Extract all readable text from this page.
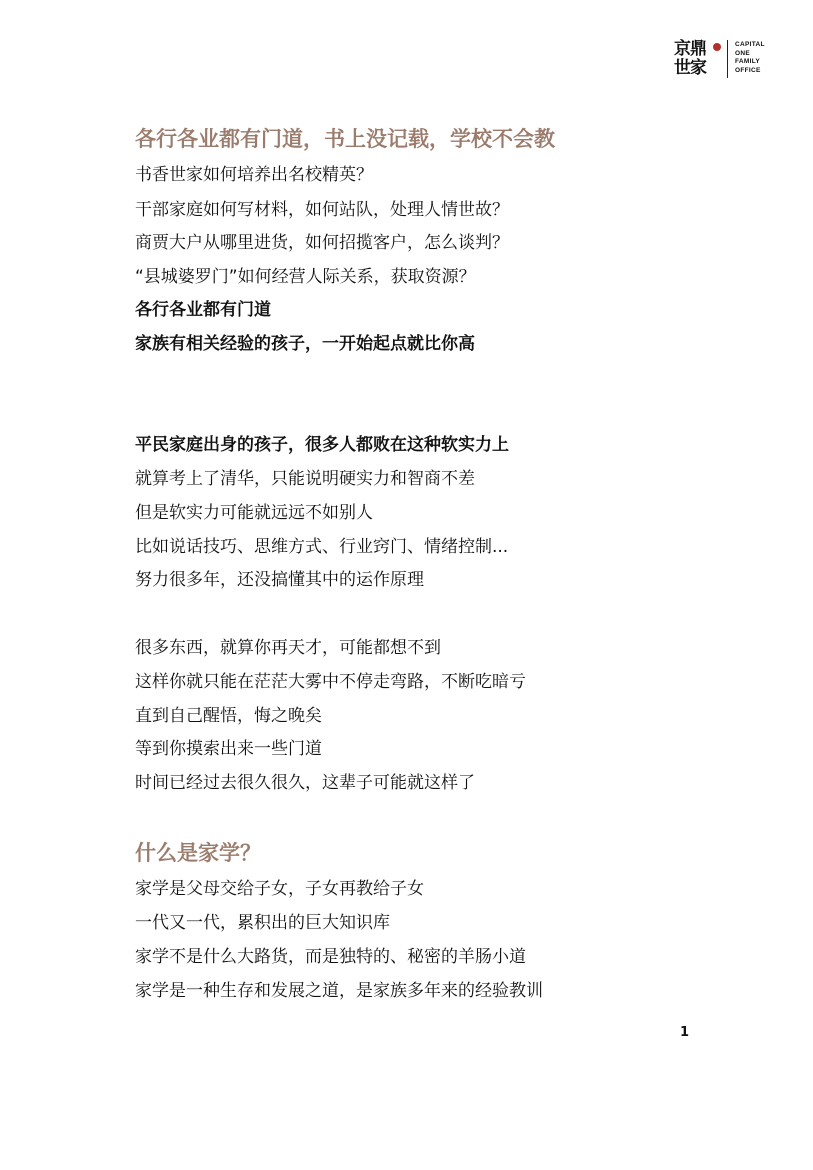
京鼎
世家
CAPITAL
ONE
FAMILY
OFFICE
各行各业都有门道，书上没记载，学校不会教

书香世家如何培养出名校精英？

干部家庭如何写材料，如何站队，处理人情世故？

商贾大户从哪里进货，如何招揽客户，怎么谈判？

“县城婆罗门”如何经营人际关系，获取资源？

各行各业都有门道

家族有相关经验的孩子，一开始起点就比你高

平民家庭出身的孩子，很多人都败在这种软实力上

就算考上了清华，只能说明硬实力和智商不差

但是软实力可能就远远不如别人

比如说话技巧、思维方式、行业窍门、情绪控制...

努力很多年，还没搞懂其中的运作原理

很多东西，就算你再天才，可能都想不到

这样你就只能在茫茫大雾中不停走弯路，不断吃暗亏

直到自己醒悟，悔之晚矣

等到你摸索出来一些门道

时间已经过去很久很久，这辈子可能就这样了

什么是家学？

家学是父母交给子女，子女再教给子女

一代又一代，累积出的巨大知识库

家学不是什么大路货，而是独特的、秘密的羊肠小道

家学是一种生存和发展之道，是家族多年来的经验教训

1
